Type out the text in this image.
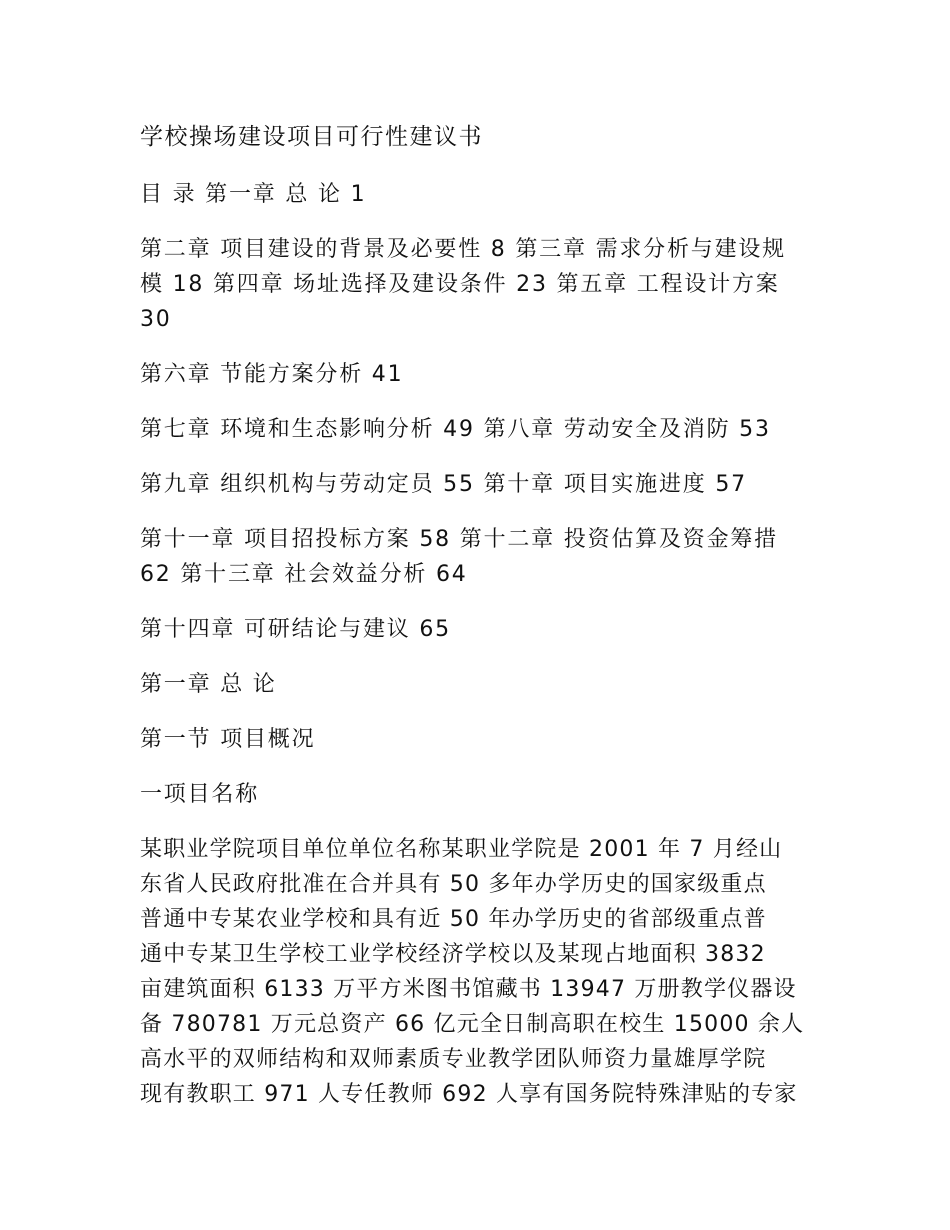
学校操场建设项目可行性建议书
目 录 第一章 总 论 1
第二章 项目建设的背景及必要性 8 第三章 需求分析与建设规
模 18 第四章 场址选择及建设条件 23 第五章 工程设计方案
30
第六章 节能方案分析 41
第七章 环境和生态影响分析 49 第八章 劳动安全及消防 53
第九章 组织机构与劳动定员 55 第十章 项目实施进度 57
第十一章 项目招投标方案 58 第十二章 投资估算及资金筹措
62 第十三章 社会效益分析 64
第十四章 可研结论与建议 65
第一章 总 论
第一节 项目概况
一项目名称
某职业学院项目单位单位名称某职业学院是 2001 年 7 月经山
东省人民政府批准在合并具有 50 多年办学历史的国家级重点
普通中专某农业学校和具有近 50 年办学历史的省部级重点普
通中专某卫生学校工业学校经济学校以及某现占地面积 3832
亩建筑面积 6133 万平方米图书馆藏书 13947 万册教学仪器设
备 780781 万元总资产 66 亿元全日制高职在校生 15000 余人
高水平的双师结构和双师素质专业教学团队师资力量雄厚学院
现有教职工 971 人专任教师 692 人享有国务院特殊津贴的专家
